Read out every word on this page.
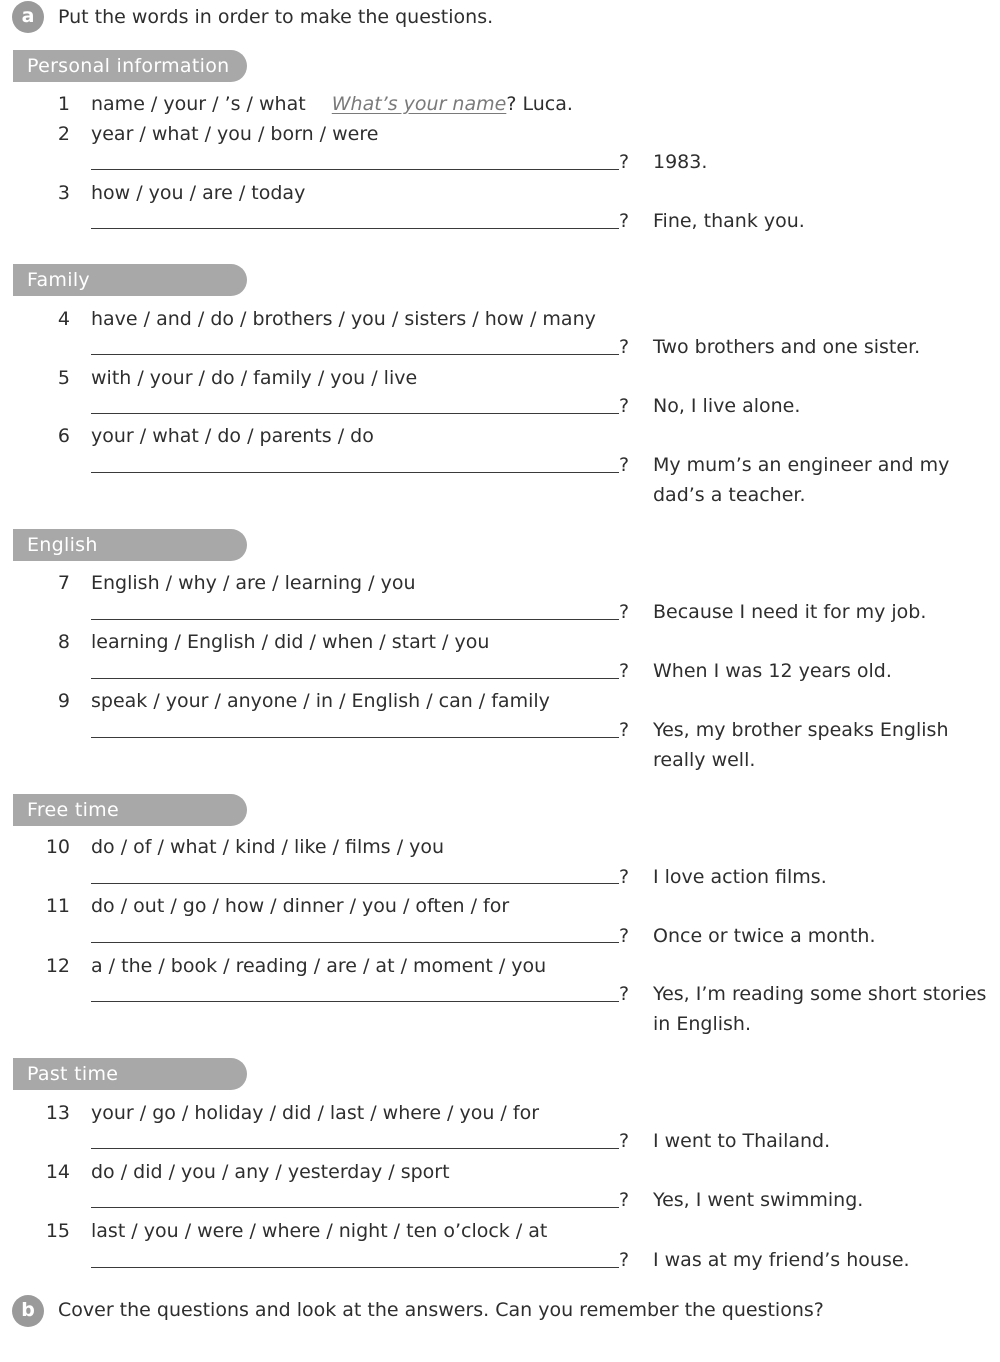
a	Put the words in order to make the questions.
Personal information
Family
English
Free time
Past time
1 name / your / ’s / what What’s your name? Luca.
2 year / what / you / born / were
? 1983.
3 how / you / are / today
? Fine, thank you.
4 have / and / do / brothers / you / sisters / how / many
? Two brothers and one sister.
5 with / your / do / family / you / live
? No, I live alone.
6 your / what / do / parents / do
? My mum’s an engineer and my dad’s a teacher.
7 English / why / are / learning / you
? Because I need it for my job.
8 learning / English / did / when / start / you
? When I was 12 years old.
9 speak / your / anyone / in / English / can / family
? Yes, my brother speaks English really well.
10 do / of / what / kind / like / films / you
? I love action films.
11 do / out / go / how / dinner / you / often / for
? Once or twice a month.
12 a / the / book / reading / are / at / moment / you
? Yes, I’m reading some short stories in English.
13 your / go / holiday / did / last / where / you / for
? I went to Thailand.
14 do / did / you / any / yesterday / sport
? Yes, I went swimming.
15 last / you / were / where / night / ten o’clock / at
? I was at my friend’s house.
b	Cover the questions and look at the answers. Can you remember the questions?
